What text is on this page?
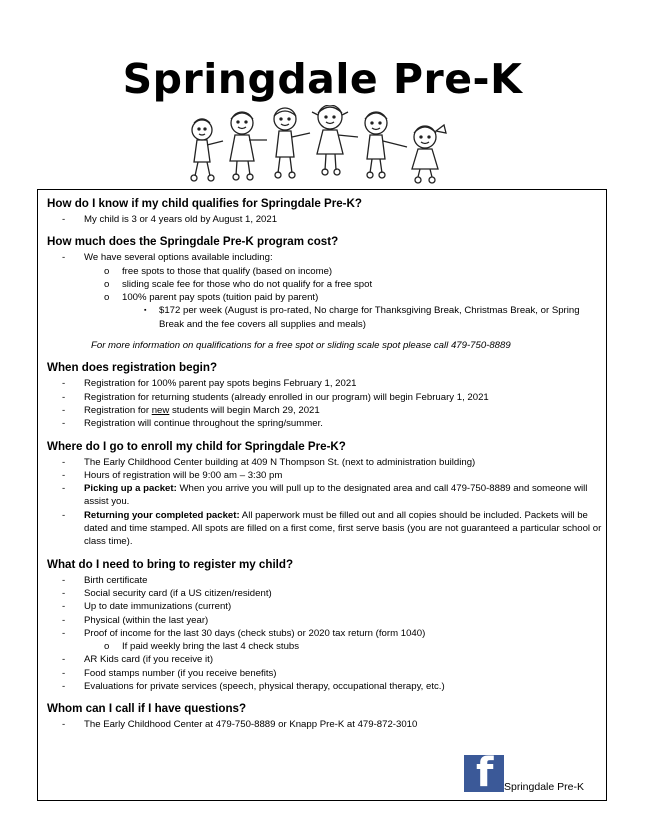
Springdale Pre-K
How do I know if my child qualifies for Springdale Pre-K?
- My child is 3 or 4 years old by August 1, 2021
How much does the Springdale Pre-K program cost?
- We have several options available including:
o free spots to those that qualify (based on income)
o sliding scale fee for those who do not qualify for a free spot
o 100% parent pay spots (tuition paid by parent)
▪ $172 per week (August is pro-rated, No charge for Thanksgiving Break, Christmas Break, or Spring Break and the fee covers all supplies and meals)
For more information on qualifications for a free spot or sliding scale spot please call 479-750-8889
When does registration begin?
- Registration for 100% parent pay spots begins February 1, 2021
- Registration for returning students (already enrolled in our program) will begin February 1, 2021
- Registration for new students will begin March 29, 2021
- Registration will continue throughout the spring/summer.
Where do I go to enroll my child for Springdale Pre-K?
- The Early Childhood Center building at 409 N Thompson St. (next to administration building)
- Hours of registration will be 9:00 am – 3:30 pm
- Picking up a packet: When you arrive you will pull up to the designated area and call 479-750-8889 and someone will assist you.
- Returning your completed packet: All paperwork must be filled out and all copies should be included. Packets will be dated and time stamped. All spots are filled on a first come, first serve basis (you are not guaranteed a particular school or class time).
What do I need to bring to register my child?
- Birth certificate
- Social security card (if a US citizen/resident)
- Up to date immunizations (current)
- Physical (within the last year)
- Proof of income for the last 30 days (check stubs) or 2020 tax return (form 1040)
o If paid weekly bring the last 4 check stubs
- AR Kids card (if you receive it)
- Food stamps number (if you receive benefits)
- Evaluations for private services (speech, physical therapy, occupational therapy, etc.)
Whom can I call if I have questions?
- The Early Childhood Center at 479-750-8889 or Knapp Pre-K at 479-872-3010
f Springdale Pre-K
